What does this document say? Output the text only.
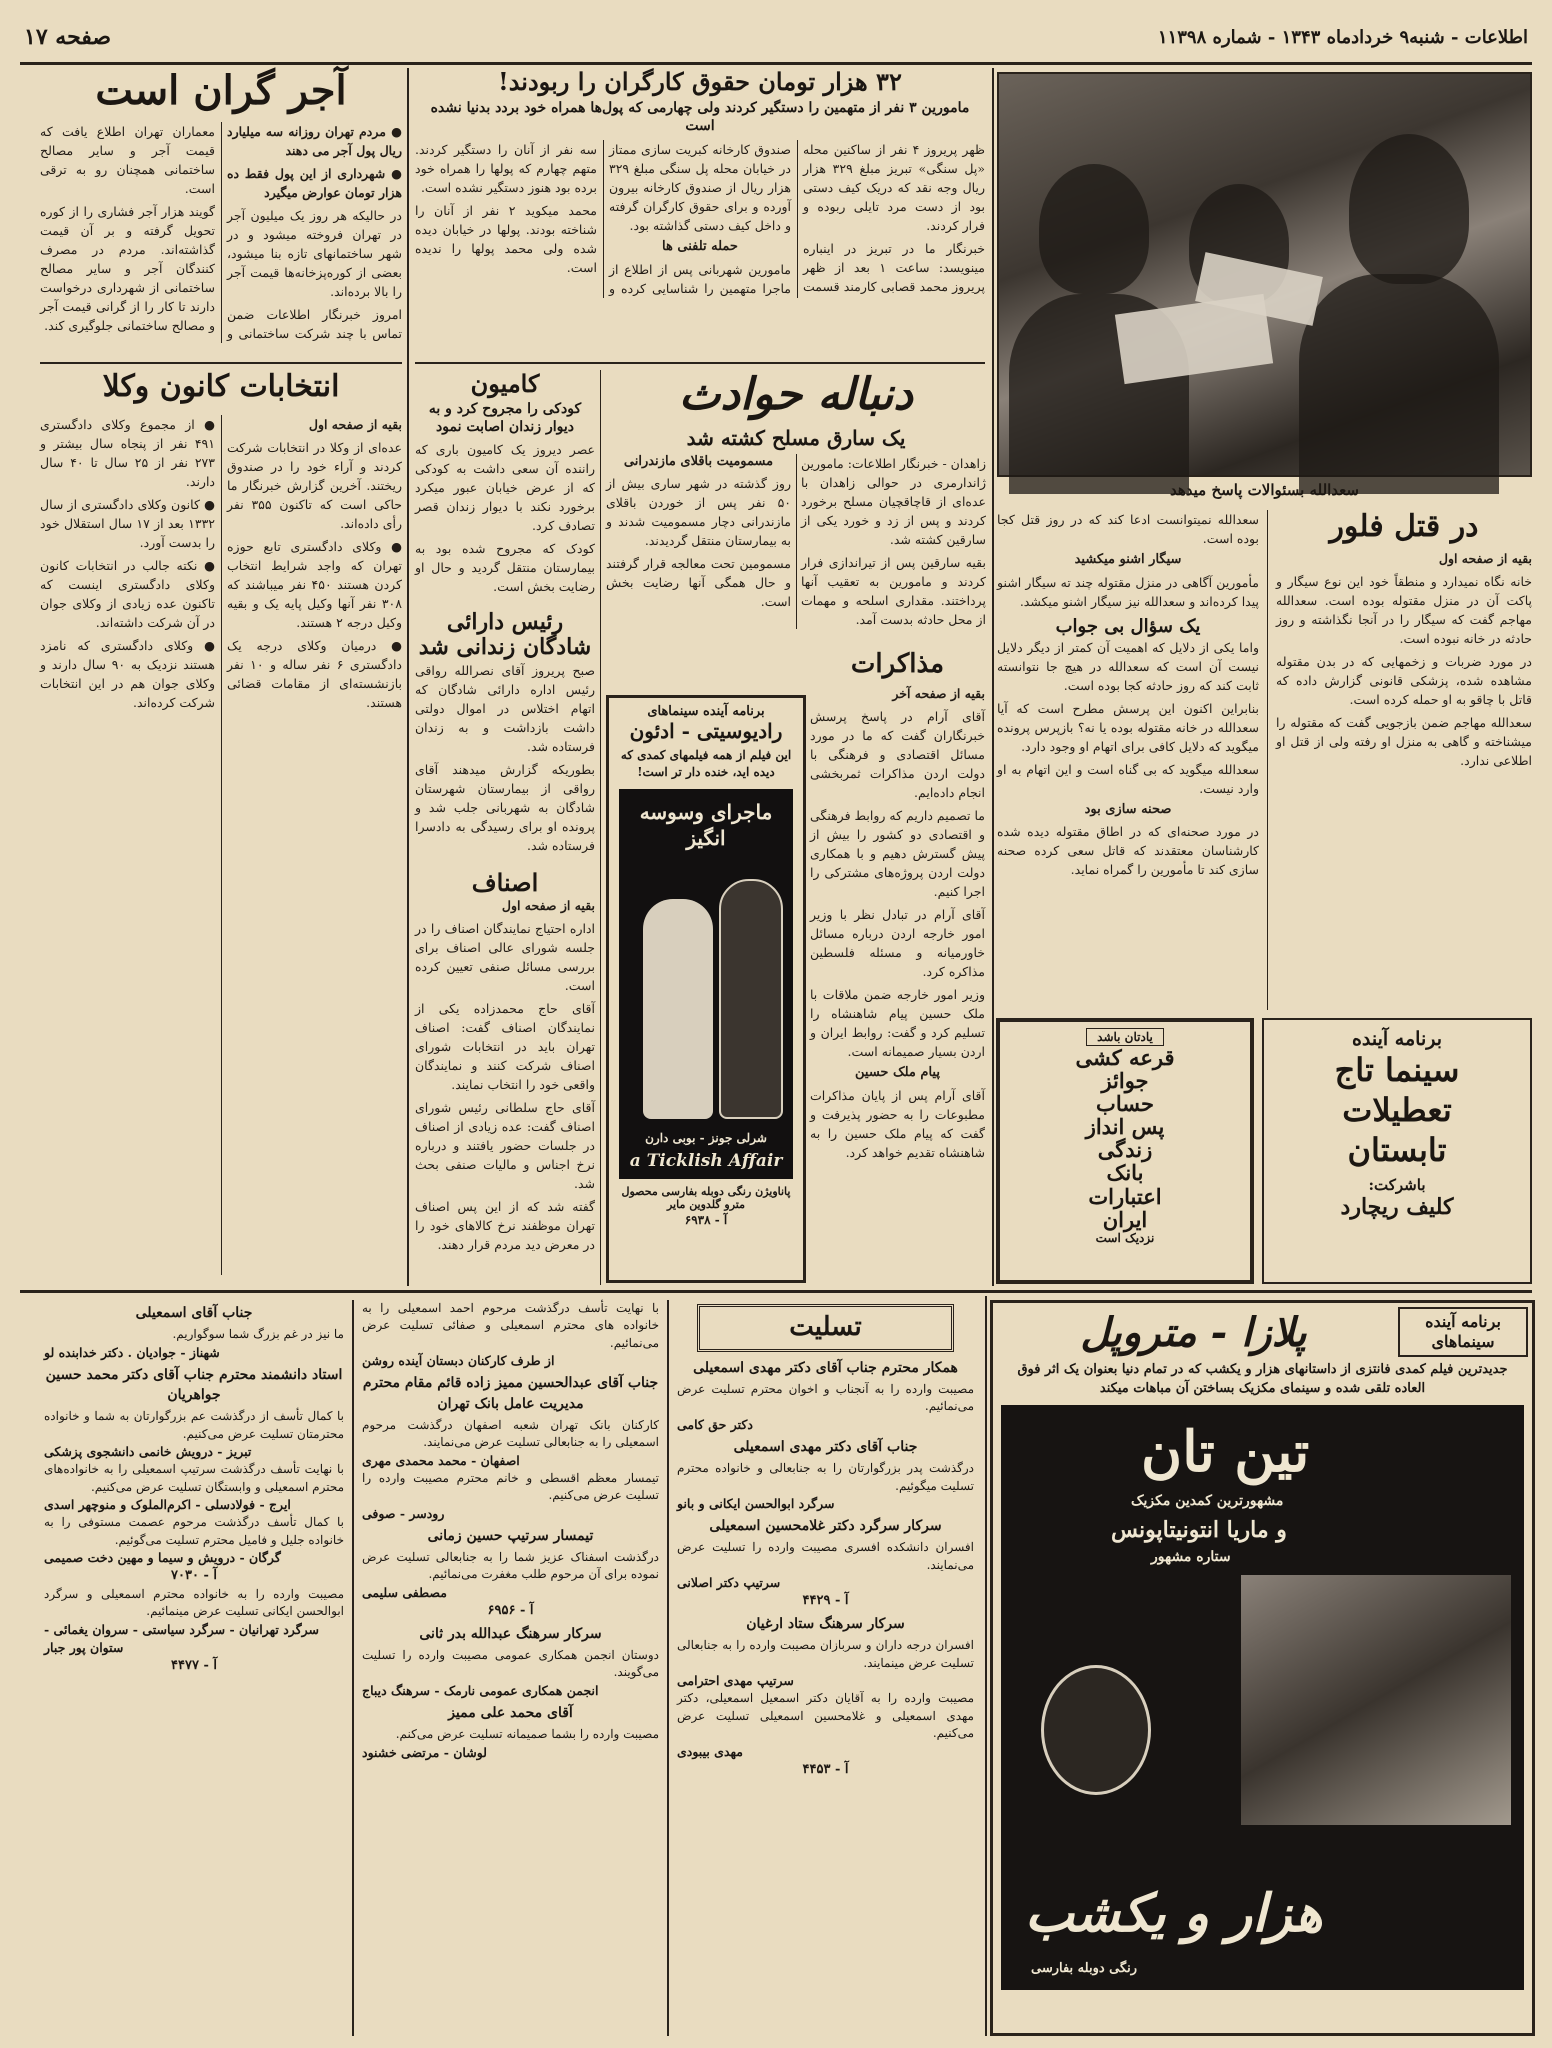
اطلاعات - شنبه۹ خردادماه ۱۳۴۳ - شماره ۱۱۳۹۸
صفحه ۱۷
سعدالله بسئوالات پاسخ میدهد
۳۲ هزار تومان حقوق کارگران را ربودند!
مامورین ۳ نفر از متهمین را دستگیر کردند ولی چهارمی که پول‌ها همراه خود بردد بدنیا نشده است

ظهر پریروز ۴ نفر از ساکنین محله «پل سنگی» تبریز مبلغ ۳۲۹ هزار ریال وجه نقد که دریک کیف دستی بود از دست مرد تایلی ربوده و فرار کردند.

خبرنگار ما در تبریز در اینباره مینویسد: ساعت ۱ بعد از ظهر پریروز محمد قصابی کارمند قسمت صندوق کارخانه کبریت سازی ممتاز در خیابان محله پل سنگی مبلغ ۳۲۹ هزار ریال از صندوق کارخانه بیرون آورده و برای حقوق کارگران گرفته و داخل کیف دستی گذاشته بود.

حمله تلفنی ها

مامورین شهربانی پس از اطلاع از ماجرا متهمین را شناسایی کرده و سه نفر از آنان را دستگیر کردند. متهم چهارم که پولها را همراه خود برده بود هنوز دستگیر نشده است.

محمد میکوید ۲ نفر از آنان را شناخته بودند. پولها در خیابان دیده شده ولی محمد پولها را ندیده است.

آجر گران است

● مردم تهران روزانه سه میلیارد ریال پول آجر می دهند

● شهرداری از این پول فقط ده هزار تومان عوارض میگیرد

در حالیکه هر روز یک میلیون آجر در تهران فروخته میشود و در شهر ساختمانهای تازه بنا میشود، بعضی از کوره‌پزخانه‌ها قیمت آجر را بالا برده‌اند.

امروز خبرنگار اطلاعات ضمن تماس با چند شرکت ساختمانی و معماران تهران اطلاع یافت که قیمت آجر و سایر مصالح ساختمانی همچنان رو به ترقی است.

گویند هزار آجر فشاری را از کوره تحویل گرفته و بر آن قیمت گذاشته‌اند. مردم در مصرف کنندگان آجر و سایر مصالح ساختمانی از شهرداری درخواست دارند تا کار را از گرانی قیمت آجر و مصالح ساختمانی جلوگیری کند.

انتخابات کانون وکلا

بقیه از صفحه اول

عده‌ای از وکلا در انتخابات شرکت کردند و آراء خود را در صندوق ریختند. آخرین گزارش خبرنگار ما حاکی است که تاکنون ۳۵۵ نفر رأی داده‌اند.

● وکلای دادگستری تابع حوزه تهران که واجد شرایط انتخاب کردن هستند ۴۵۰ نفر میباشند که ۳۰۸ نفر آنها وکیل پایه یک و بقیه وکیل درجه ۲ هستند.

● درمیان وکلای درجه یک دادگستری ۶ نفر ساله و ۱۰ نفر بازنشسته‌ای از مقامات قضائی هستند.

● از مجموع وکلای دادگستری ۴۹۱ نفر از پنجاه سال بیشتر و ۲۷۳ نفر از ۲۵ سال تا ۴۰ سال دارند.

● کانون وکلای دادگستری از سال ۱۳۳۲ بعد از ۱۷ سال استقلال خود را بدست آورد.

● نکته جالب در انتخابات کانون وکلای دادگستری اینست که تاکنون عده زیادی از وکلای جوان در آن شرکت داشته‌اند.

● وکلای دادگستری که نامزد هستند نزدیک به ۹۰ سال دارند و وکلای جوان هم در این انتخابات شرکت کرده‌اند.

کامیون
کودکی را مجروح کرد و به دیوار زندان اصابت نمود

عصر دیروز یک کامیون باری که راننده آن سعی داشت به کودکی که از عرض خیابان عبور میکرد برخورد نکند با دیوار زندان قصر تصادف کرد.

کودک که مجروح شده بود به بیمارستان منتقل گردید و حال او رضایت بخش است.

رئیس دارائی شادگان زندانی شد

صبح پریروز آقای نصرالله رواقی رئیس اداره دارائی شادگان که اتهام اختلاس در اموال دولتی داشت بازداشت و به زندان فرستاده شد.

بطوریکه گزارش میدهند آقای رواقی از بیمارستان شهرستان شادگان به شهربانی جلب شد و پرونده او برای رسیدگی به دادسرا فرستاده شد.

اصناف

بقیه از صفحه اول

اداره احتیاج نمایندگان اصناف را در جلسه شورای عالی اصناف برای بررسی مسائل صنفی تعیین کرده است.

آقای حاج محمدزاده یکی از نمایندگان اصناف گفت: اصناف تهران باید در انتخابات شورای اصناف شرکت کنند و نمایندگان واقعی خود را انتخاب نمایند.

آقای حاج سلطانی رئیس شورای اصناف گفت: عده زیادی از اصناف در جلسات حضور یافتند و درباره نرخ اجناس و مالیات صنفی بحث شد.

گفته شد که از این پس اصناف تهران موظفند نرخ کالاهای خود را در معرض دید مردم قرار دهند.

دنباله حوادث
یک سارق مسلح کشته شد

زاهدان - خبرنگار اطلاعات: مامورین ژاندارمری در حوالی زاهدان با عده‌ای از قاچاقچیان مسلح برخورد کردند و پس از زد و خورد یکی از سارقین کشته شد.

بقیه سارقین پس از تیراندازی فرار کردند و مامورین به تعقیب آنها پرداختند. مقداری اسلحه و مهمات از محل حادثه بدست آمد.

مسمومیت باقلای مازندرانی

روز گذشته در شهر ساری بیش از ۵۰ نفر پس از خوردن باقلای مازندرانی دچار مسمومیت شدند و به بیمارستان منتقل گردیدند.

مسمومین تحت معالجه قرار گرفتند و حال همگی آنها رضایت بخش است.

برنامه آینده سینماهای
رادیوسیتی - ادئون
این فیلم از همه فیلمهای کمدی که دیده اید، خنده دار تر است!
ماجرای وسوسه انگیز
شرلی جونز - بوبی دارن
a Ticklish Affair
پاناویژن رنگی دوبله بفارسی محصول مترو گلدوین مایر
آ - ۶۹۳۸
مذاکرات

بقیه از صفحه آخر

آقای آرام در پاسخ پرسش خبرنگاران گفت که ما در مورد مسائل اقتصادی و فرهنگی با دولت اردن مذاکرات ثمربخشی انجام داده‌ایم.

ما تصمیم داریم که روابط فرهنگی و اقتصادی دو کشور را بیش از پیش گسترش دهیم و با همکاری دولت اردن پروژه‌های مشترکی را اجرا کنیم.

آقای آرام در تبادل نظر با وزیر امور خارجه اردن درباره مسائل خاورمیانه و مسئله فلسطین مذاکره کرد.

وزیر امور خارجه ضمن ملاقات با ملک حسین پیام شاهنشاه را تسلیم کرد و گفت: روابط ایران و اردن بسیار صمیمانه است.

پیام ملک حسین

آقای آرام پس از پایان مذاکرات مطبوعات را به حضور پذیرفت و گفت که پیام ملک حسین را به شاهنشاه تقدیم خواهد کرد.

در قتل فلور

بقیه از صفحه اول

خانه نگاه نمیدارد و منطقاً خود این نوع سیگار و پاکت آن در منزل مقتوله بوده است. سعدالله مهاجم گفت که سیگار را در آنجا نگذاشته و روز حادثه در خانه نبوده است.

در مورد ضربات و زخمهایی که در بدن مقتوله مشاهده شده، پزشکی قانونی گزارش داده که قاتل با چاقو به او حمله کرده است.

سعدالله مهاجم ضمن بازجویی گفت که مقتوله را میشناخته و گاهی به منزل او رفته ولی از قتل او اطلاعی ندارد.

سعدالله نمیتوانست ادعا کند که در روز قتل کجا بوده است.

سیگار اشنو میکشید

مأمورین آگاهی در منزل مقتوله چند ته سیگار اشنو پیدا کرده‌اند و سعدالله نیز سیگار اشنو میکشد.

یک سؤال بی جواب

واما یکی از دلایل که اهمیت آن کمتر از دیگر دلایل نیست آن است که سعدالله در هیچ جا نتوانسته ثابت کند که روز حادثه کجا بوده است.

بنابراین اکنون این پرسش مطرح است که آیا سعدالله در خانه مقتوله بوده یا نه؟ بازپرس پرونده میگوید که دلایل کافی برای اتهام او وجود دارد.

سعدالله میگوید که بی گناه است و این اتهام به او وارد نیست.

صحنه سازی بود

در مورد صحنه‌ای که در اطاق مقتوله دیده شده کارشناسان معتقدند که قاتل سعی کرده صحنه سازی کند تا مأمورین را گمراه نماید.

یادتان باشد
قرعه کشی
جوائز
حساب
پس انداز
زندگی
بانک
اعتبارات
ایران
نزدیک است
برنامه آینده
سینما تاج
تعطیلات
تابستان
باشرکت:
کلیف ریچارد
برنامه آینده سینماهای
پلازا - متروپل
جدیدترین فیلم کمدی فانتزی از داستانهای هزار و یکشب که در تمام دنیا بعنوان یک اثر فوق العاده تلقی شده و سینمای مکزیک بساختن آن مباهات میکند
تین تان
مشهورترین کمدین مکزیک
و ماریا انتونیتاپونس
ستاره مشهور
هزار و یکشب
رنگی دوبله بفارسی
تسلیت

همکار محترم جناب آقای دکتر مهدی اسمعیلی

مصیبت وارده را به آنجناب و اخوان محترم تسلیت عرض می‌نمائیم.

دکتر حق کامی

جناب آقای دکتر مهدی اسمعیلی

درگذشت پدر بزرگوارتان را به جنابعالی و خانواده محترم تسلیت میگوئیم.

سرگرد ابوالحسن ایکانی و بانو

سرکار سرگرد دکتر غلامحسین اسمعیلی

افسران دانشکده افسری مصیبت وارده را تسلیت عرض می‌نمایند.

سرتیپ دکتر اصلانی

آ - ۴۴۲۹

سرکار سرهنگ ستاد ارغیان

افسران درجه داران و سربازان مصیبت وارده را به جنابعالی تسلیت عرض مینمایند.

سرتیپ مهدی احترامی

مصیبت وارده را به آقایان دکتر اسمعیل اسمعیلی، دکتر مهدی اسمعیلی و غلامحسین اسمعیلی تسلیت عرض می‌کنیم.

مهدی بیبودی

آ - ۴۴۵۳

با نهایت تأسف درگذشت مرحوم احمد اسمعیلی را به خانواده های محترم اسمعیلی و صفائی تسلیت عرض می‌نمائیم.

از طرف کارکنان دبستان آینده روشن

جناب آقای عبدالحسین ممیز زاده قائم مقام محترم مدیریت عامل بانک تهران

کارکنان بانک تهران شعبه اصفهان درگذشت مرحوم اسمعیلی را به جنابعالی تسلیت عرض می‌نمایند.

اصفهان - محمد محمدی مهری

تیمسار معظم اقسطی و خانم محترم مصیبت وارده را تسلیت عرض می‌کنیم.

رودسر - صوفی

تیمسار سرتیپ حسین زمانی

درگذشت اسفناک عزیز شما را به جنابعالی تسلیت عرض نموده برای آن مرحوم طلب مغفرت می‌نمائیم.

مصطفی سلیمی

آ - ۶۹۵۶

سرکار سرهنگ عبدالله بدر ثانی

دوستان انجمن همکاری عمومی مصیبت وارده را تسلیت می‌گویند.

انجمن همکاری عمومی نارمک - سرهنگ دیباج

آقای محمد علی ممیز

مصیبت وارده را بشما صمیمانه تسلیت عرض می‌کنم.

لوشان - مرتضی خشنود

جناب آقای اسمعیلی

ما نیز در غم بزرگ شما سوگواریم.

شهناز - جوادیان . دکتر خدابنده لو

استاد دانشمند محترم جناب آقای دکتر محمد حسین جواهریان

با کمال تأسف از درگذشت عم بزرگوارتان به شما و خانواده محترمتان تسلیت عرض می‌کنیم.

تبریز - درویش خانمی دانشجوی پزشکی

با نهایت تأسف درگذشت سرتیپ اسمعیلی را به خانواده‌های محترم اسمعیلی و وابستگان تسلیت عرض می‌کنیم.

ایرج - فولادسلی - اکرم‌الملوک و منوچهر اسدی

با کمال تأسف درگذشت مرحوم عصمت مستوفی را به خانواده جلیل و فامیل محترم تسلیت می‌گوئیم.

گرگان - درویش و سیما و مهین دخت صمیمی

آ - ۷۰۳۰

مصیبت وارده را به خانواده محترم اسمعیلی و سرگرد ابوالحسن ایکانی تسلیت عرض مینمائیم.

سرگرد تهرانیان - سرگرد سیاستی - سروان یغمائی - ستوان پور جبار

آ - ۴۴۷۷
